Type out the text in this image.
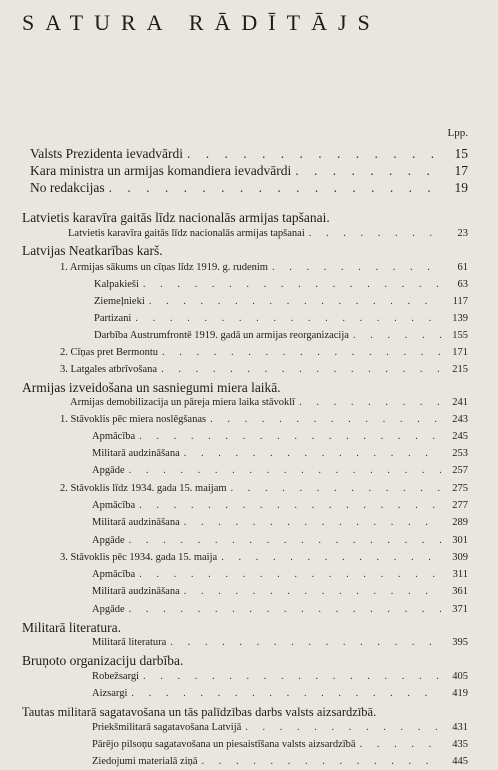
SATURA RĀDĪTĀJS
Lpp.
Valsts Prezidenta ievadvārdi . . .	15
Kara ministra un armijas komandiera ievadvārdi . . .	17
No redakcijas . . .	19
Latvietis karavīra gaitās līdz nacionalās armijas tapšanai.
Latvietis karavīra gaitās līdz nacionalās armijas tapšanai . . .	23
Latvijas Neatkarības karš.
1. Armijas sākums un cīņas līdz 1919. g. rudenim . . .	61
Kalpakieši . . .	63
Ziemeļnieki . . .	117
Partizani . . .	139
Darbība Austrumfrontē 1919. gadā un armijas reorganizacija . . .	155
2. Cīņas pret Bermontu . . .	171
3. Latgales atbrīvošana . . .	215
Armijas izveidošana un sasniegumi miera laikā.
Armijas demobilizacija un pāreja miera laika stāvoklī . . .	241
1. Stāvoklis pēc miera noslēgšanas . . .	243
Apmācība . . .	245
Militarā audzināšana . . .	253
Apgāde . . .	257
2. Stāvoklis līdz 1934. gada 15. maijam . . .	275
Apmācība . . .	277
Militarā audzināšana . . .	289
Apgāde . . .	301
3. Stāvoklis pēc 1934. gada 15. maija . . .	309
Apmācība . . .	311
Militarā audzināšana . . .	361
Apgāde . . .	371
Militarā literatura.
Militarā literatura . . .	395
Bruņoto organizaciju darbība.
Robežsargi . . .	405
Aizsargi . . .	419
Tautas militarā sagatavošana un tās palīdzības darbs valsts aizsardzībā.
Priekšmilitarā sagatavošana Latvijā . . .	431
Pārējo pilsoņu sagatavošana un piesaistīšana valsts aizsardzībā . . .	435
Ziedojumi materialā ziņā . . .	445
